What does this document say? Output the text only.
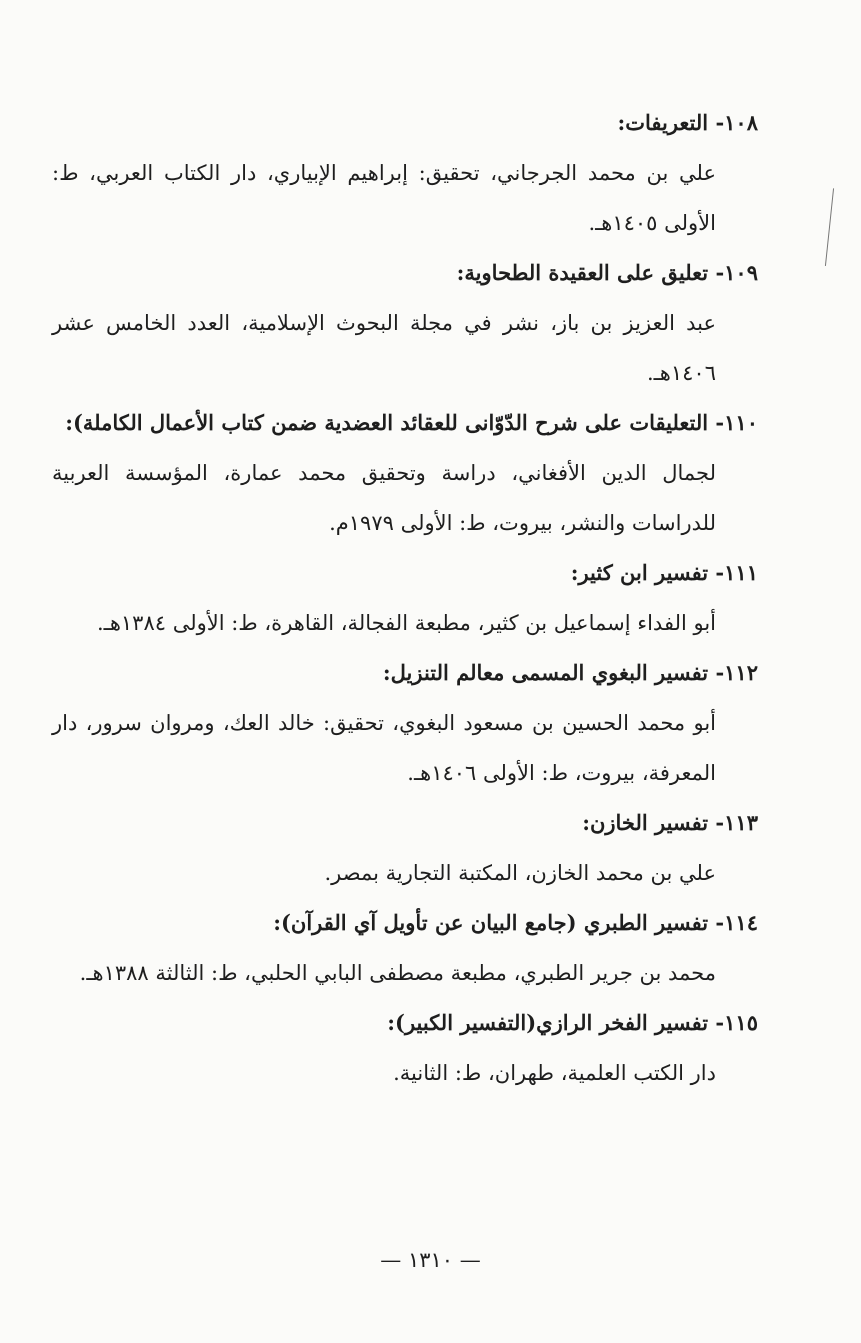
١٠٨- التعريفات:
علي بن محمد الجرجاني، تحقيق: إبراهيم الإبياري، دار الكتاب العربي، ط: الأولى ١٤٠٥هـ.
١٠٩- تعليق على العقيدة الطحاوية:
عبد العزيز بن باز، نشر في مجلة البحوث الإسلامية، العدد الخامس عشر ١٤٠٦هـ.
١١٠- التعليقات على شرح الدّوّانى للعقائد العضدية ضمن كتاب الأعمال الكاملة):
لجمال الدين الأفغاني، دراسة وتحقيق محمد عمارة، المؤسسة العربية للدراسات والنشر، بيروت، ط: الأولى ١٩٧٩م.
١١١- تفسير ابن كثير:
أبو الفداء إسماعيل بن كثير، مطبعة الفجالة، القاهرة، ط: الأولى ١٣٨٤هـ.
١١٢- تفسير البغوي المسمى معالم التنزيل:
أبو محمد الحسين بن مسعود البغوي، تحقيق: خالد العك، ومروان سرور، دار المعرفة، بيروت، ط: الأولى ١٤٠٦هـ.
١١٣- تفسير الخازن:
علي بن محمد الخازن، المكتبة التجارية بمصر.
١١٤- تفسير الطبري (جامع البيان عن تأويل آي القرآن):
محمد بن جرير الطبري، مطبعة مصطفى البابي الحلبي، ط: الثالثة ١٣٨٨هـ.
١١٥- تفسير الفخر الرازي(التفسير الكبير):
دار الكتب العلمية، طهران، ط: الثانية.
— ١٣١٠ —
